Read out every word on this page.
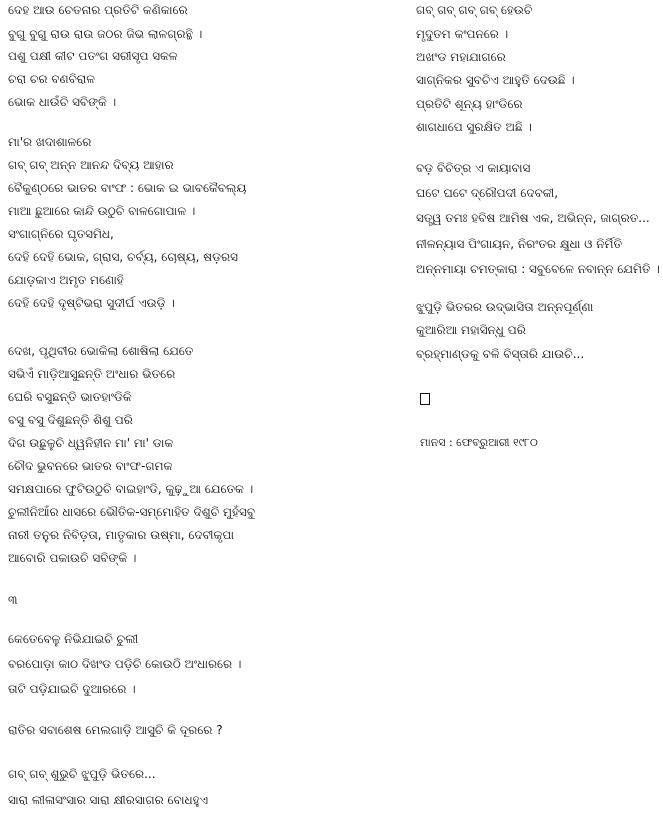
ଦେହ ଆଉ ଚେତନାର ପ୍ରତିଟି କଣିକାରେ
ବୁଗୁ ବୁଗୁ ରାଉ ରାଉ ଜଠର ଜିଭ ଲାଳଗ୍ରନ୍ଥି ।
ପଶୁ ପକ୍ଷୀ କୀଟ ପତଂଗ ସରୀସୃପ ସକଳ
ଚରା ଚର ବଣବିରାଳ
ଭୋକ ଧାଉଁଚି ସବିଙ୍କି ।
ମା'ର ଖଦାଶାଳରେ
ଗବ୍ ଗବ୍ ଅନ୍ନ ଆନନ୍ଦ ଦିବ୍ୟ ଆହାର
ବୈକୁଣ୍ଠରେ ଭାତର ବାଂଫ : ଭୋକ ଇ ଭାବକୈବଲ୍ୟ
ମାଆ ଛୁଆରେ କାନ୍ଦି ଉଠୁଚି ବାଳଗୋପାଳ ।
ସଂଗାଗ୍ନିରେ ଘୃତସମିଧ,
ଦେହି ଦେହି ଭୋକ, ଗ୍ରାସ, ଚର୍ବ୍ୟ, ଚୋଷ୍ୟ, ଷଡ଼ରସ
ଯୋଡ଼କାଏ ଅମୃତ ମଣୋହି
ଦେହି ଦେହି ଦୃଷ୍ଟିଭରା ସୁଦୀର୍ଘ ଏଉଡ଼ି ।
ଦେଖ, ପୃଥିବୀର ଭୋକିଲା ଶୋଷିଲା ଯେତେ
ସଭିଏଁ ମାଡ଼ିଆସୁଛନ୍ତି ଅଂଧାର ଭିତରେ
ଘେରି ବସୁଛନ୍ତି ଭାତହାଂଡିକି
ବସୁ ବସୁ ଦିଶୁଛନ୍ତି ଶିଶୁ ପରି
ଦିଗ ଉଛୁଳୁଚି ଧ୍ୱନିହୀନ ମା' ମା' ଡାକ
ଚୌଦ ଭୁବନରେ ଭାତର ବାଂଫ-ଗମକ
ସମକ୍ଷପାରେ ଫୁଟିଉଠୁଚି ବାଇହାଂଡି, କୁଢ଼ୁଆ ଯେତେକ ।
ଚୁଲୀନିଆଁର ଧାସରେ ଭୌତିକ-ସମ୍ମୋହିତ ଦିଶୁଚି ମୁହଁସବୁ
ନାରୀ ତନୁର ନିବିଡ଼ତା, ମାତୃକାର ଉଷ୍ମା, ଦେବୀକୃପା
ଆବୋରି ପକାଉଚି ସବିଙ୍କି ।
୩
କେତେବେଳୁ ନିଭିଯାଇଚି ଚୁଲୀ
ବରପୋଡ଼ା କାଠ ଦିଖଂଡ ପଡ଼ିଚି କୋଉଠି ଅଂଧାରରେ ।
ତାଟି ପଡ଼ିଯାଇଚି ଦୁଆରରେ ।
ରାତିର ସବାଶେଷ ମେଲଗାଡ଼ି ଆସୁଚି କି ଦୂରରେ ?
ଗବ୍ ଗବ୍ ଶୁଭୁଚି ଝୁପୁଡ଼ି ଭିତରେ...
ସାରା ଲୀଳାସଂସାର ସାରା କ୍ଷୀରସାଗର ବୋଧହୁଏ
ଗବ୍ ଗବ୍ ଗବ୍ ଗବ୍ ହେଉଚି
ମୃଦୁତମ କଂପନରେ ।
ଅଖଂଡ ମହାଯାଗରେ
ସାଗ୍ନିକର ସୁବଚିଏ ଆହୁତି ଦେଉଛି ।
ପ୍ରତିଟି ଶୂନ୍ୟ ହାଂଡିରେ
ଶାଗଧାପେ ସୁରକ୍ଷିତ ଅଛି ।
ବଡ଼ ବିଚିତ୍ର ଏ କାୟାବାସ
ଘଟେ ଘଟେ ଦ୍ରୌପଦୀ ଦେବକୀ,
ସତ୍ତ୍ୱ ତମଃ ହବିଷ ଆମିଷ ଏକ, ଅଭିନ୍ନ, ଜାଗ୍ରତ...
ନୀଳନ୍ୟାସ ପିଂଗାୟନ, ନିରଂତର କ୍ଷୁଧା ଓ ନିର୍ମିତି
ଅନ୍ନମାୟା ଚମତ୍କାରା : ସବୁବେଳେ ନବାନ୍ନ ଯେମିତି ।
ଝୁପୁଡ଼ି ଭିତରର ଉଦ୍ଭାସିତା ଅନ୍ନପୂର୍ଣ୍ଣା
କୁଆରିଆ ମହାସିନ୍ଧୁ ପରି
ବ୍ରହ୍ମାଣ୍ଡକୁ ବଳି ବିସ୍ତାରି ଯାଉଚି...
ମାନସ : ଫେବ୍ରୁଆରୀ ୧୯୮୦
